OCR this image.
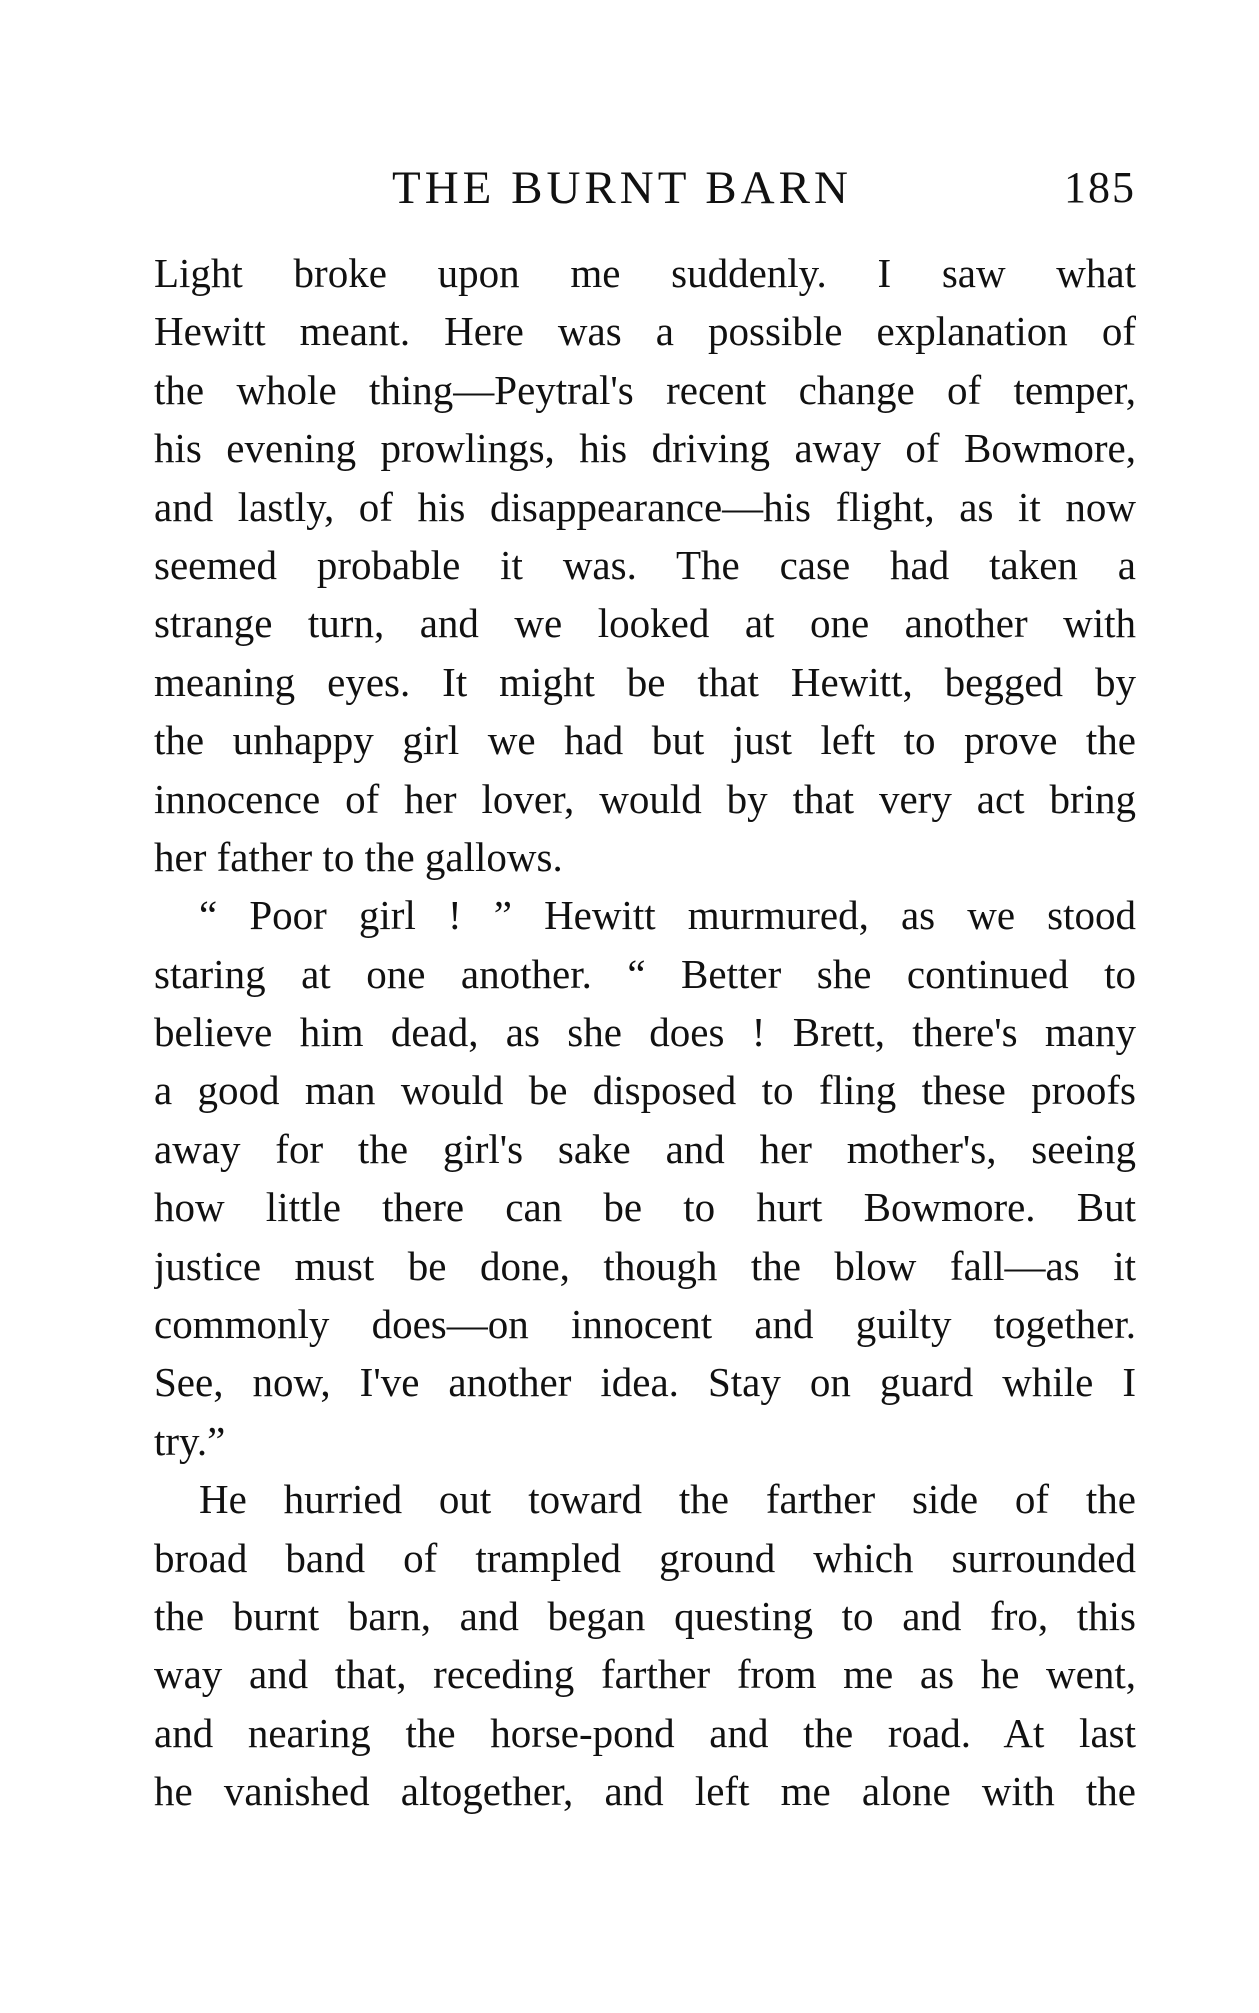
THE BURNT BARN	185

Light broke upon me suddenly. I saw what
Hewitt meant. Here was a possible explanation of
the whole thing—Peytral's recent change of temper,
his evening prowlings, his driving away of Bowmore,
and lastly, of his disappearance—his flight, as it now
seemed probable it was. The case had taken a
strange turn, and we looked at one another with
meaning eyes. It might be that Hewitt, begged by
the unhappy girl we had but just left to prove the
innocence of her lover, would by that very act bring
her father to the gallows.

“ Poor girl ! ” Hewitt murmured, as we stood
staring at one another. “ Better she continued to
believe him dead, as she does ! Brett, there's many
a good man would be disposed to fling these proofs
away for the girl's sake and her mother's, seeing
how little there can be to hurt Bowmore. But
justice must be done, though the blow fall—as it
commonly does—on innocent and guilty together.
See, now, I've another idea. Stay on guard while I
try.”

He hurried out toward the farther side of the
broad band of trampled ground which surrounded
the burnt barn, and began questing to and fro, this
way and that, receding farther from me as he went,
and nearing the horse-pond and the road. At last
he vanished altogether, and left me alone with the
